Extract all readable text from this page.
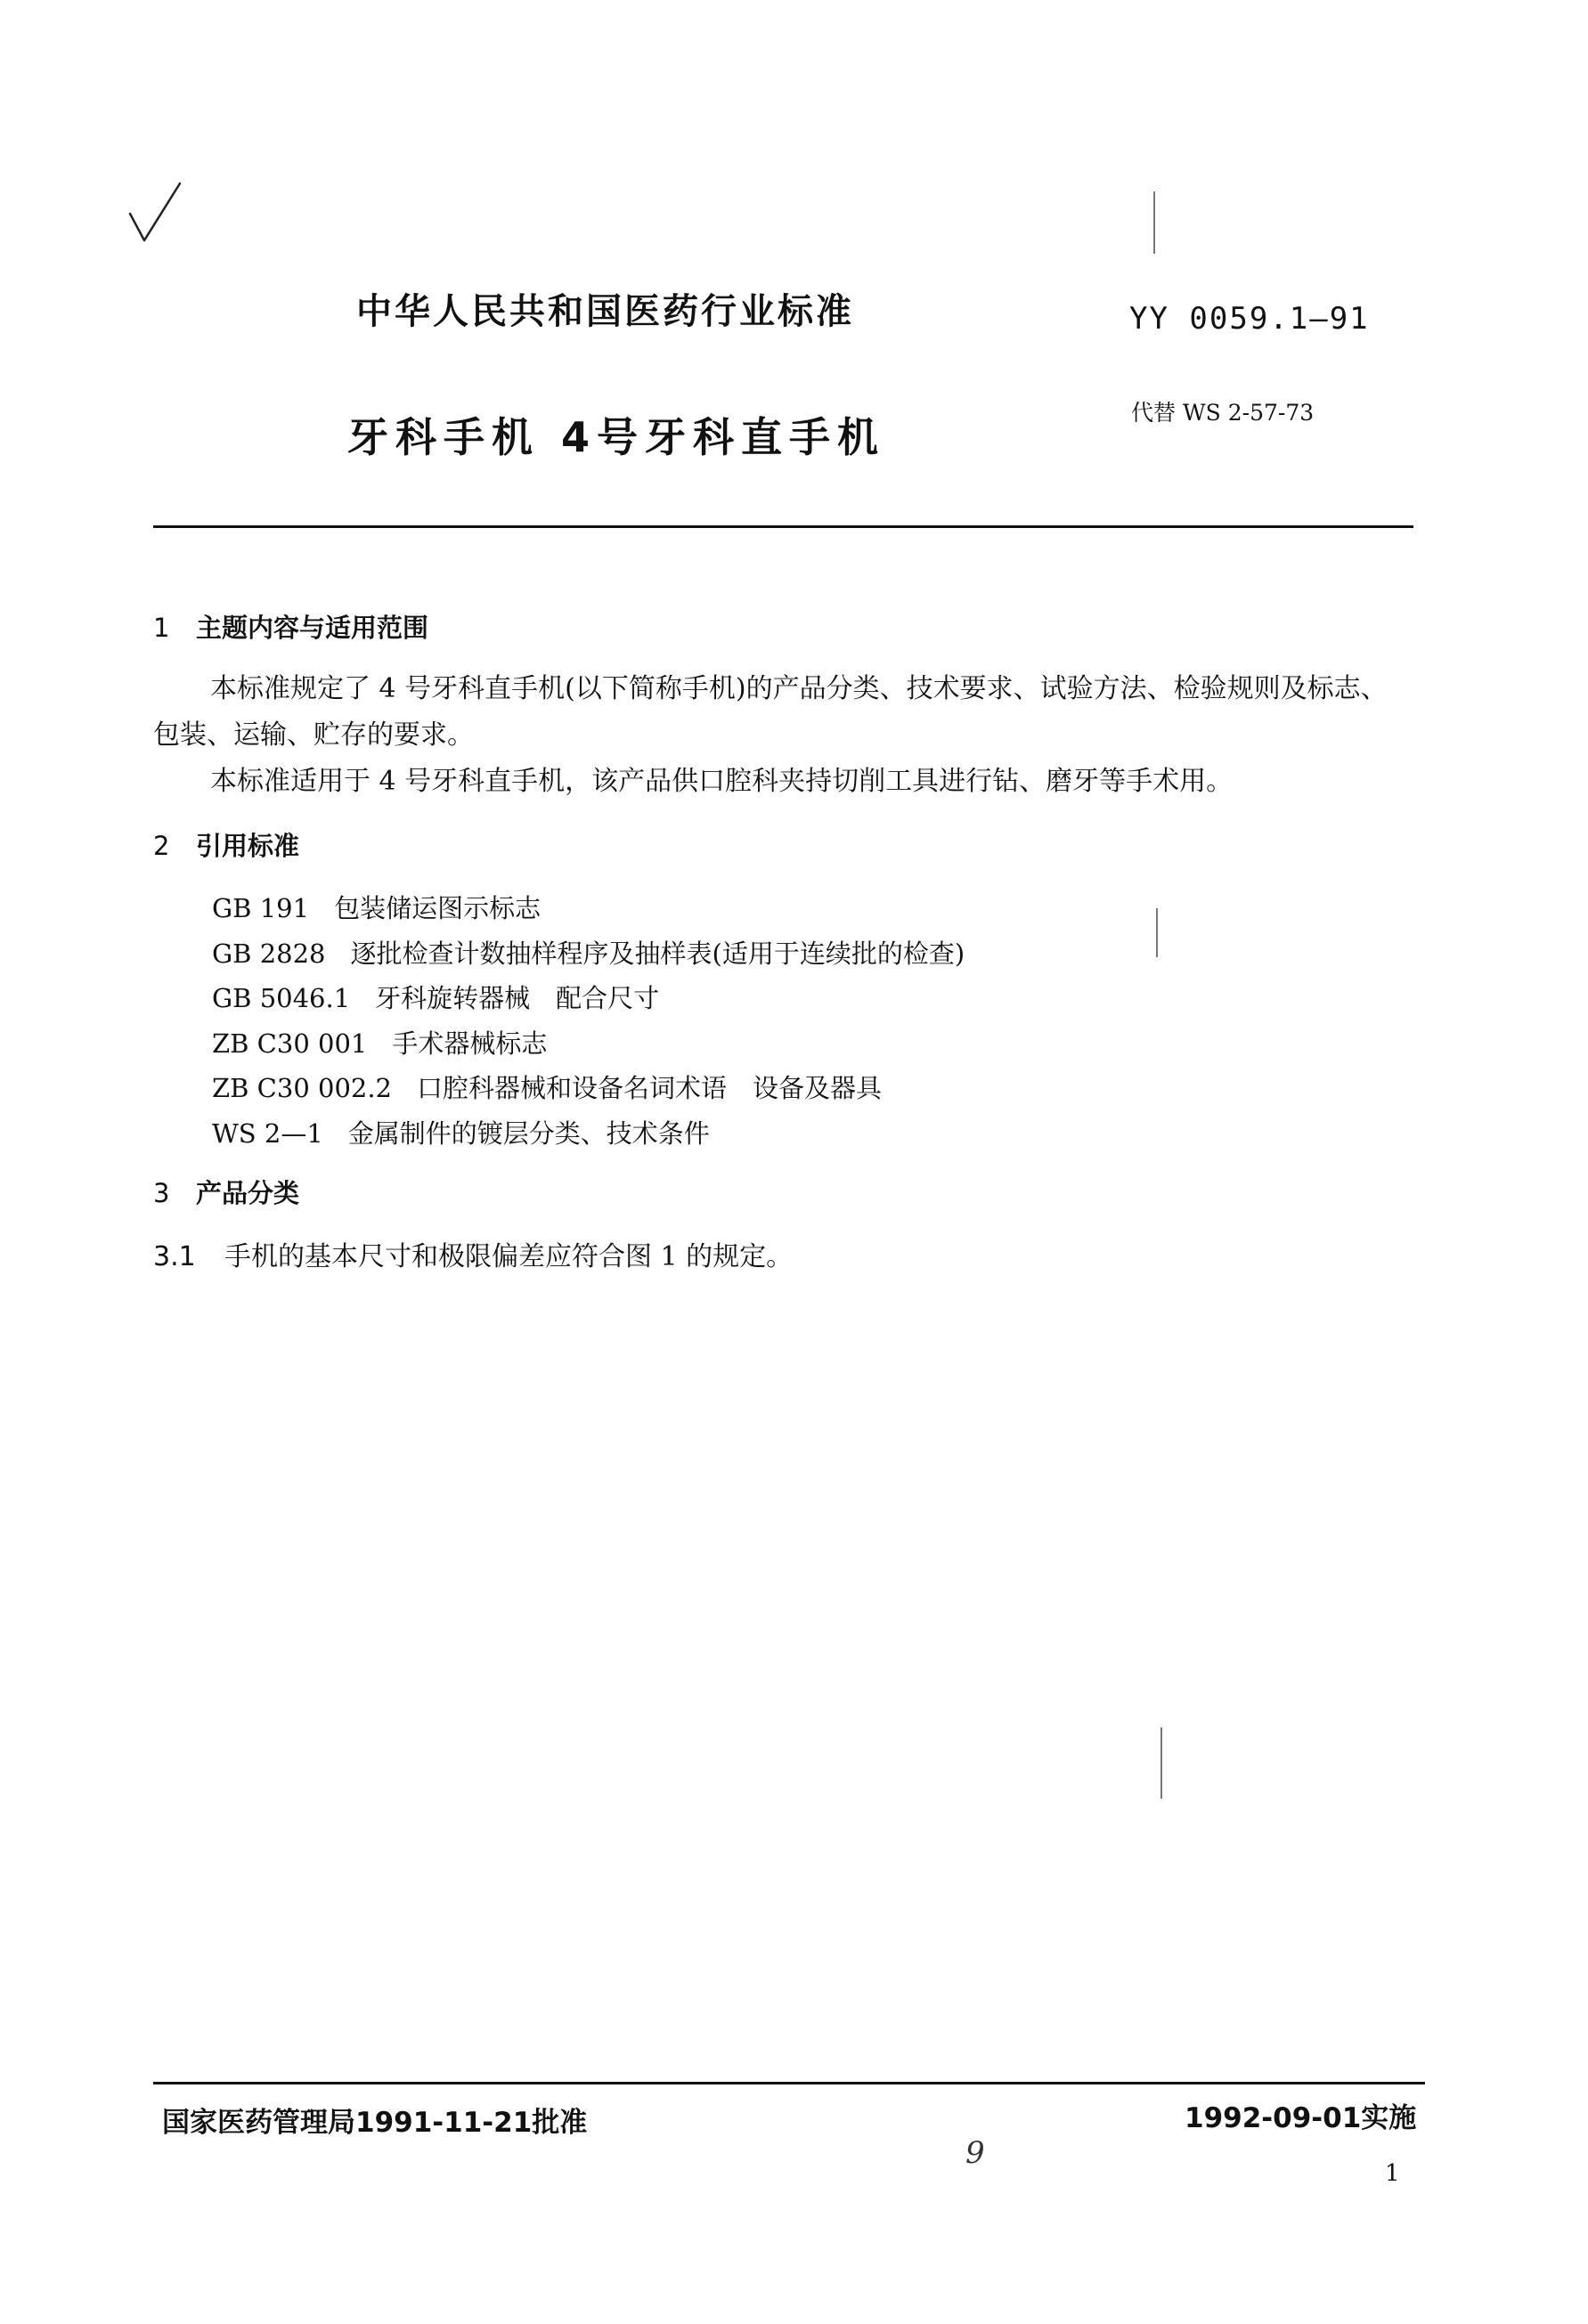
中华人民共和国医药行业标准	YY 0059.1—91
牙科手机 4号牙科直手机
代替 WS 2-57-73
1 主题内容与适用范围
本标准规定了 4 号牙科直手机(以下简称手机)的产品分类、技术要求、试验方法、检验规则及标志、
包装、运输、贮存的要求。
本标准适用于 4 号牙科直手机，该产品供口腔科夹持切削工具进行钻、磨牙等手术用。
2 引用标准
GB 191 包装储运图示标志
GB 2828 逐批检查计数抽样程序及抽样表(适用于连续批的检查)
GB 5046.1 牙科旋转器械　配合尺寸
ZB C30 001 手术器械标志
ZB C30 002.2 口腔科器械和设备名词术语　设备及器具
WS 2—1 金属制件的镀层分类、技术条件
3 产品分类
3.1 手机的基本尺寸和极限偏差应符合图 1 的规定。
国家医药管理局1991-11-21批准	1992-09-01实施
9
1
